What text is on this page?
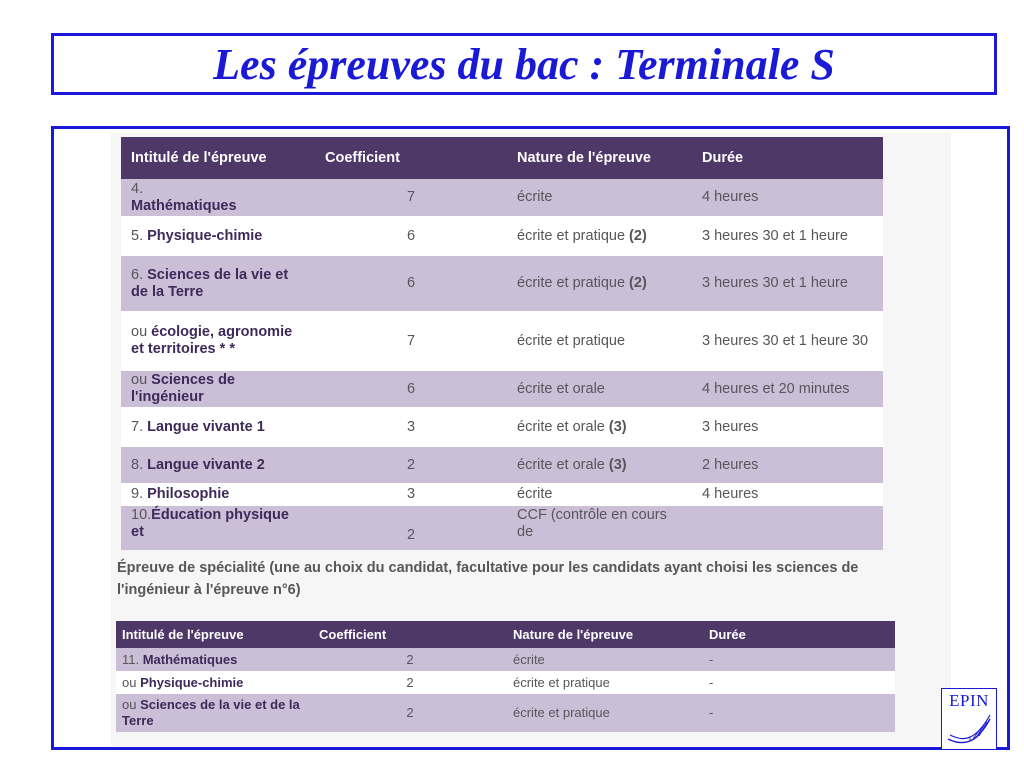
Les épreuves du bac : Terminale S
Intitulé de l'épreuve	Coefficient	Nature de l'épreuve	Durée
4.
Mathématiques	7	écrite	4 heures
5. Physique-chimie	6	écrite et pratique (2)	3 heures 30 et 1 heure
6. Sciences de la vie et de la Terre	6	écrite et pratique (2)	3 heures 30 et 1 heure
ou écologie, agronomie et territoires * *	7	écrite et pratique	3 heures 30 et 1 heure 30
ou Sciences de l'ingénieur	6	écrite et orale	4 heures et 20 minutes
7. Langue vivante 1	3	écrite et orale (3)	3 heures
8. Langue vivante 2	2	écrite et orale (3)	2 heures
9. Philosophie	3	écrite	4 heures
10.Éducation physique et	2	CCF (contrôle en cours de	
Épreuve de spécialité (une au choix du candidat, facultative pour les candidats ayant choisi les sciences de l'ingénieur à l'épreuve n°6)
Intitulé de l'épreuve	Coefficient	Nature de l'épreuve	Durée
11. Mathématiques	2	écrite	-
ou Physique-chimie	2	écrite et pratique	-
ou Sciences de la vie et de la Terre	2	écrite et pratique	-
EPIN
